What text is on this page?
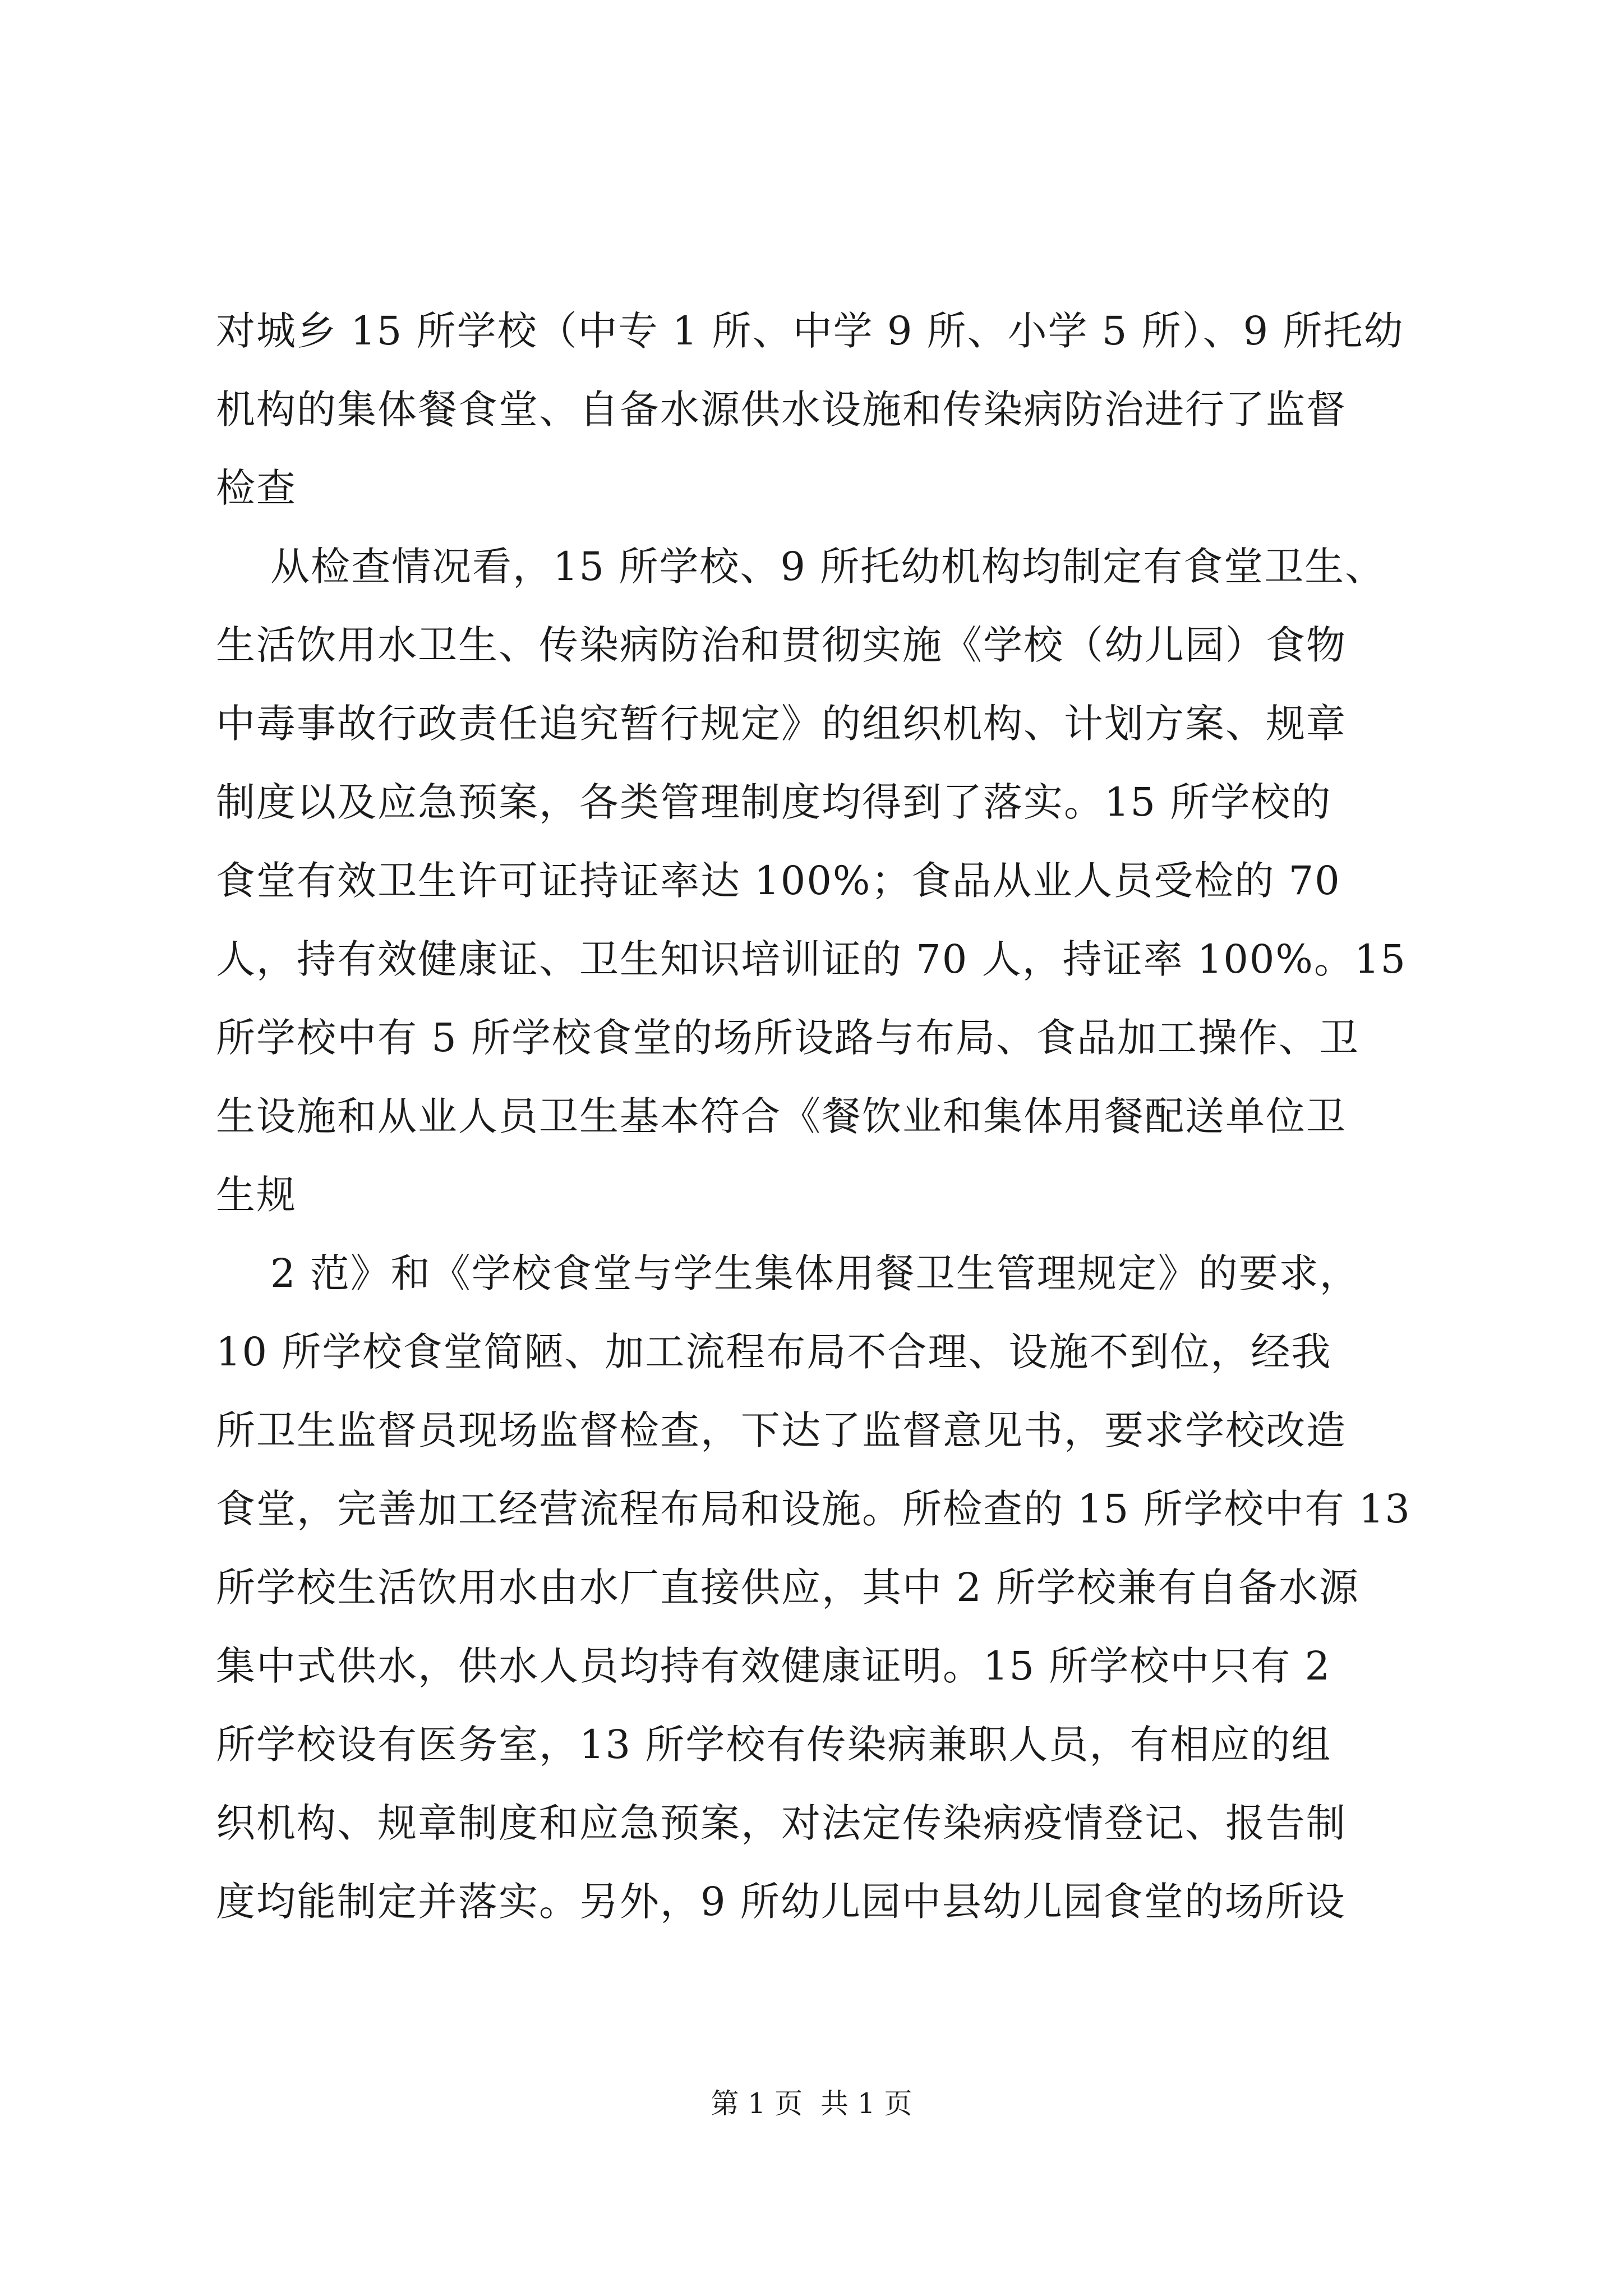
对城乡 15 所学校（中专 1 所、中学 9 所、小学 5 所）、9 所托幼
机构的集体餐食堂、自备水源供水设施和传染病防治进行了监督
检查
从检查情况看，15 所学校、9 所托幼机构均制定有食堂卫生、
生活饮用水卫生、传染病防治和贯彻实施《学校（幼儿园）食物
中毒事故行政责任追究暂行规定》的组织机构、计划方案、规章
制度以及应急预案，各类管理制度均得到了落实。15 所学校的
食堂有效卫生许可证持证率达 100%；食品从业人员受检的 70
人，持有效健康证、卫生知识培训证的 70 人，持证率 100%。15
所学校中有 5 所学校食堂的场所设路与布局、食品加工操作、卫
生设施和从业人员卫生基本符合《餐饮业和集体用餐配送单位卫
生规
2 范》和《学校食堂与学生集体用餐卫生管理规定》的要求，
10 所学校食堂简陋、加工流程布局不合理、设施不到位，经我
所卫生监督员现场监督检查，下达了监督意见书，要求学校改造
食堂，完善加工经营流程布局和设施。所检查的 15 所学校中有 13
所学校生活饮用水由水厂直接供应，其中 2 所学校兼有自备水源
集中式供水，供水人员均持有效健康证明。15 所学校中只有 2
所学校设有医务室，13 所学校有传染病兼职人员，有相应的组
织机构、规章制度和应急预案，对法定传染病疫情登记、报告制
度均能制定并落实。另外，9 所幼儿园中县幼儿园食堂的场所设
第 1 页  共 1 页
